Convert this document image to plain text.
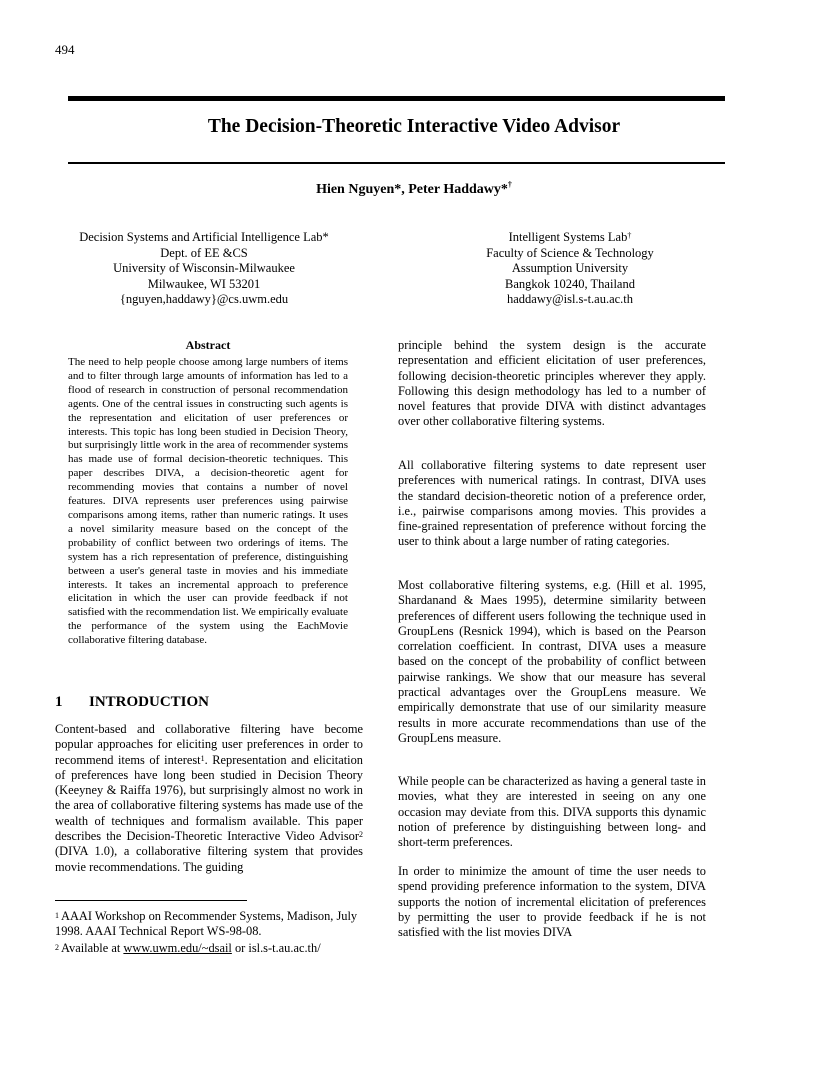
494
The Decision-Theoretic Interactive Video Advisor
Hien Nguyen*, Peter Haddawy*†
Decision Systems and Artificial Intelligence Lab*
Dept. of EE &CS
University of Wisconsin-Milwaukee
Milwaukee, WI 53201
{nguyen,haddawy}@cs.uwm.edu
Intelligent Systems Lab†
Faculty of Science & Technology
Assumption University
Bangkok 10240, Thailand
haddawy@isl.s-t.au.ac.th
Abstract

The need to help people choose among large numbers of items and to filter through large amounts of information has led to a flood of research in construction of personal recommendation agents. One of the central issues in constructing such agents is the representation and elicitation of user preferences or interests. This topic has long been studied in Decision Theory, but surprisingly little work in the area of recommender systems has made use of formal decision-theoretic techniques. This paper describes DIVA, a decision-theoretic agent for recommending movies that contains a number of novel features. DIVA represents user preferences using pairwise comparisons among items, rather than numeric ratings. It uses a novel similarity measure based on the concept of the probability of conflict between two orderings of items. The system has a rich representation of preference, distinguishing between a user's general taste in movies and his immediate interests. It takes an incremental approach to preference elicitation in which the user can provide feedback if not satisfied with the recommendation list. We empirically evaluate the performance of the system using the EachMovie collaborative filtering database.

1 INTRODUCTION

Content-based and collaborative filtering have become popular approaches for eliciting user preferences in order to recommend items of interest$^1$. Representation and elicitation of preferences have long been studied in Decision Theory (Keeyney & Raiffa 1976), but surprisingly almost no work in the area of collaborative filtering systems has made use of the wealth of techniques and formalism available. This paper describes the Decision-Theoretic Interactive Video Advisor$^2$ (DIVA 1.0), a collaborative filtering system that provides movie recommendations. The guiding

$^1$ AAAI Workshop on Recommender Systems, Madison, July 1998. AAAI Technical Report WS-98-08.

$^2$ Available at www.uwm.edu/~dsail or isl.s-t.au.ac.th/

principle behind the system design is the accurate representation and efficient elicitation of user preferences, following decision-theoretic principles wherever they apply. Following this design methodology has led to a number of novel features that provide DIVA with distinct advantages over other collaborative filtering systems.

All collaborative filtering systems to date represent user preferences with numerical ratings. In contrast, DIVA uses the standard decision-theoretic notion of a preference order, i.e., pairwise comparisons among movies. This provides a fine-grained representation of preference without forcing the user to think about a large number of rating categories.

Most collaborative filtering systems, e.g. (Hill et al. 1995, Shardanand & Maes 1995), determine similarity between preferences of different users following the technique used in GroupLens (Resnick 1994), which is based on the Pearson correlation coefficient. In contrast, DIVA uses a measure based on the concept of the probability of conflict between pairwise rankings. We show that our measure has several practical advantages over the GroupLens measure. We empirically demonstrate that use of our similarity measure results in more accurate recommendations than use of the GroupLens measure.

While people can be characterized as having a general taste in movies, what they are interested in seeing on any one occasion may deviate from this. DIVA supports this dynamic notion of preference by distinguishing between long- and short-term preferences.

In order to minimize the amount of time the user needs to spend providing preference information to the system, DIVA supports the notion of incremental elicitation of preferences by permitting the user to provide feedback if he is not satisfied with the list movies DIVA
